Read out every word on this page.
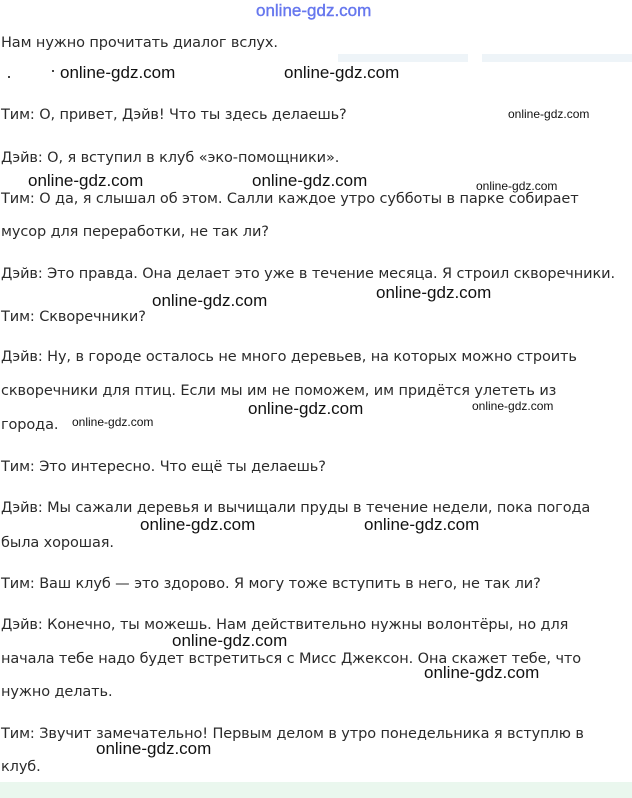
online-gdz.com

Нам нужно прочитать диалог вслух.

Тим: О, привет, Дэйв! Что ты здесь делаешь?

Дэйв: О, я вступил в клуб «эко-помощники».

Тим: О да, я слышал об этом. Салли каждое утро субботы в парке собирает

мусор для переработки, не так ли?

Дэйв: Это правда. Она делает это уже в течение месяца. Я строил скворечники.

Тим: Скворечники?

Дэйв: Ну, в городе осталось не много деревьев, на которых можно строить

скворечники для птиц. Если мы им не поможем, им придётся улететь из

города.

Тим: Это интересно. Что ещё ты делаешь?

Дэйв: Мы сажали деревья и вычищали пруды в течение недели, пока погода

была хорошая.

Тим: Ваш клуб — это здорово. Я могу тоже вступить в него, не так ли?

Дэйв: Конечно, ты можешь. Нам действительно нужны волонтёры, но для

начала тебе надо будет встретиться с Мисс Джексон. Она скажет тебе, что

нужно делать.

Тим: Звучит замечательно! Первым делом в утро понедельника я вступлю в

клуб.

online-gdz.com	online-gdz.com
online-gdz.com
online-gdz.com	online-gdz.com	online-gdz.com
online-gdz.com	online-gdz.com
online-gdz.com	online-gdz.com
online-gdz.com
online-gdz.com	online-gdz.com
online-gdz.com
online-gdz.com
online-gdz.com
